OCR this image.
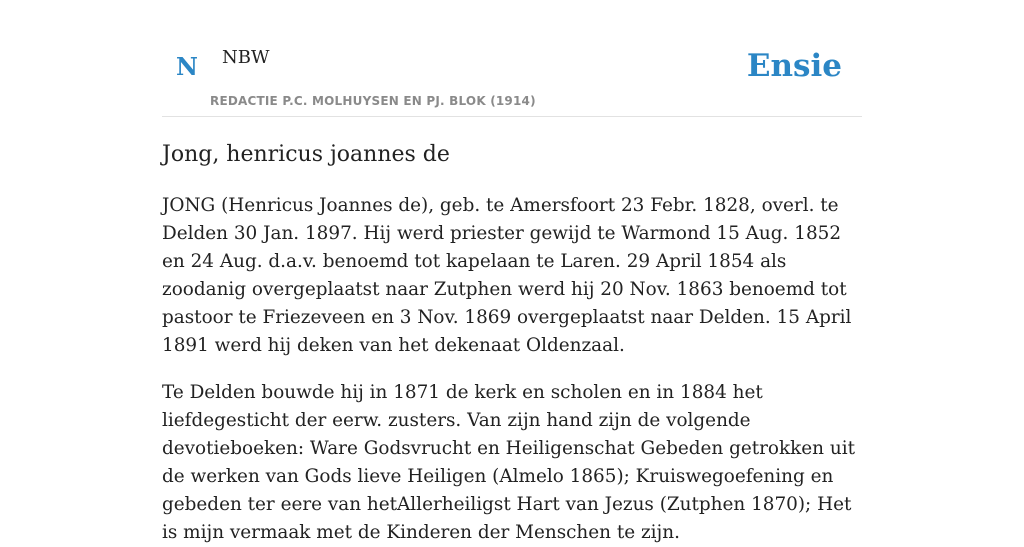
N NBW
REDACTIE P.C. MOLHUYSEN EN PJ. BLOK (1914)
Ensie
Jong, henricus joannes de

JONG (Henricus Joannes de), geb. te Amersfoort 23 Febr. 1828, overl. te Delden 30 Jan. 1897. Hij werd priester gewijd te Warmond 15 Aug. 1852 en 24 Aug. d.a.v. benoemd tot kapelaan te Laren. 29 April 1854 als zoodanig overgeplaatst naar Zutphen werd hij 20 Nov. 1863 benoemd tot pastoor te Friezeveen en 3 Nov. 1869 overgeplaatst naar Delden. 15 April 1891 werd hij deken van het dekenaat Oldenzaal.

Te Delden bouwde hij in 1871 de kerk en scholen en in 1884 het liefdegesticht der eerw. zusters. Van zijn hand zijn de volgende devotieboeken: Ware Godsvrucht en Heiligenschat Gebeden getrokken uit de werken van Gods lieve Heiligen (Almelo 1865); Kruiswegoefening en gebeden ter eere van hetAllerheiligst Hart van Jezus (Zutphen 1870); Het is mijn vermaak met de Kinderen der Menschen te zijn.
